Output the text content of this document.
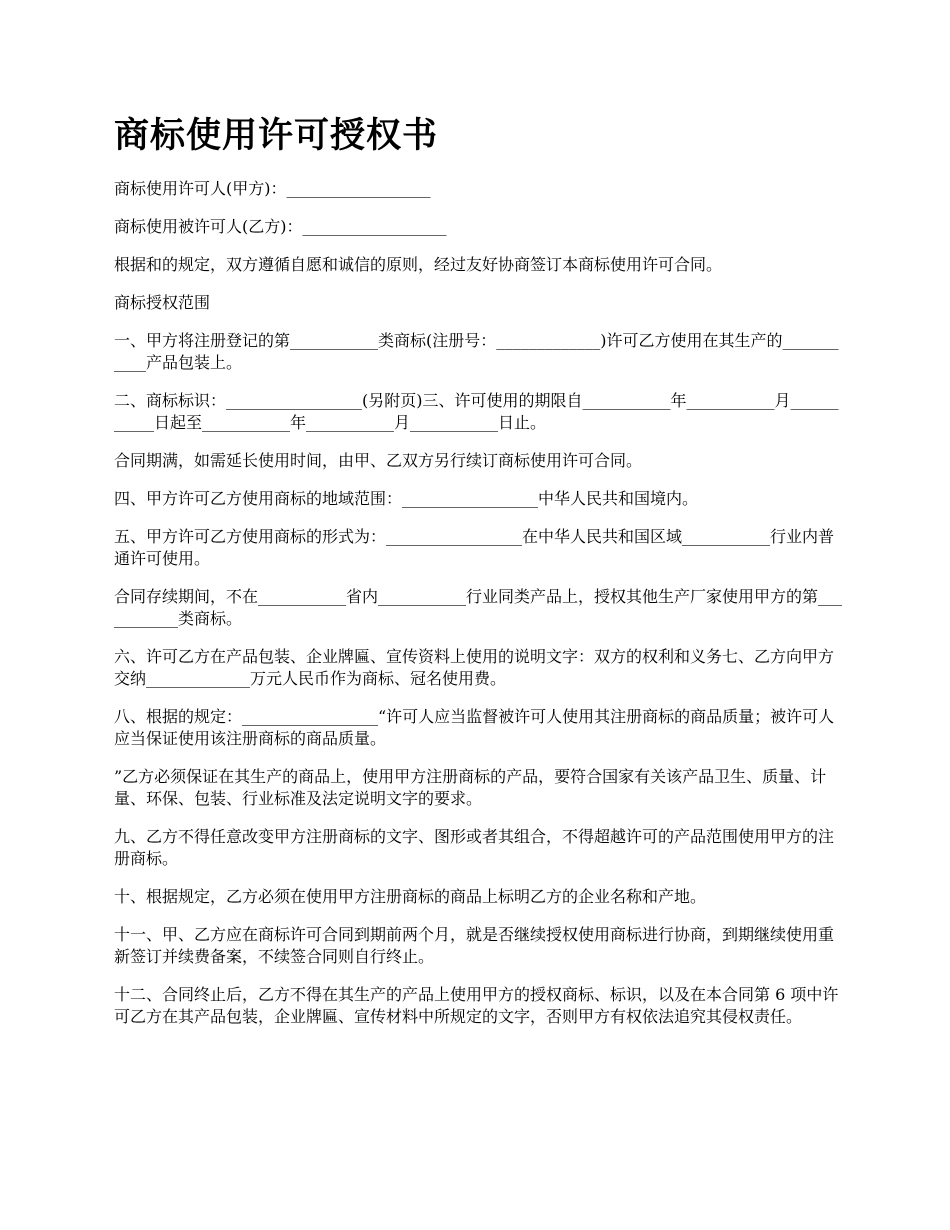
商标使用许可授权书

商标使用许可人(甲方)：__________________

商标使用被许可人(乙方)：__________________

根据和的规定，双方遵循自愿和诚信的原则，经过友好协商签订本商标使用许可合同。

商标授权范围

一、甲方将注册登记的第___________类商标(注册号：_____________)许可乙方使用在其生产的___________产品包装上。

二、商标标识：_________________(另附页)三、许可使用的期限自___________年___________月___________日起至___________年___________月___________日止。

合同期满，如需延长使用时间，由甲、乙双方另行续订商标使用许可合同。

四、甲方许可乙方使用商标的地域范围：_________________中华人民共和国境内。

五、甲方许可乙方使用商标的形式为：_________________在中华人民共和国区域___________行业内普通许可使用。

合同存续期间，不在___________省内___________行业同类产品上，授权其他生产厂家使用甲方的第___________类商标。

六、许可乙方在产品包装、企业牌匾、宣传资料上使用的说明文字：双方的权利和义务七、乙方向甲方交纳_____________万元人民币作为商标、冠名使用费。

八、根据的规定：_________________“许可人应当监督被许可人使用其注册商标的商品质量；被许可人应当保证使用该注册商标的商品质量。

”乙方必须保证在其生产的商品上，使用甲方注册商标的产品，要符合国家有关该产品卫生、质量、计量、环保、包装、行业标准及法定说明文字的要求。

九、乙方不得任意改变甲方注册商标的文字、图形或者其组合，不得超越许可的产品范围使用甲方的注册商标。

十、根据规定，乙方必须在使用甲方注册商标的商品上标明乙方的企业名称和产地。

十一、甲、乙方应在商标许可合同到期前两个月，就是否继续授权使用商标进行协商，到期继续使用重新签订并续费备案，不续签合同则自行终止。

十二、合同终止后，乙方不得在其生产的产品上使用甲方的授权商标、标识，以及在本合同第 6 项中许可乙方在其产品包装，企业牌匾、宣传材料中所规定的文字，否则甲方有权依法追究其侵权责任。
